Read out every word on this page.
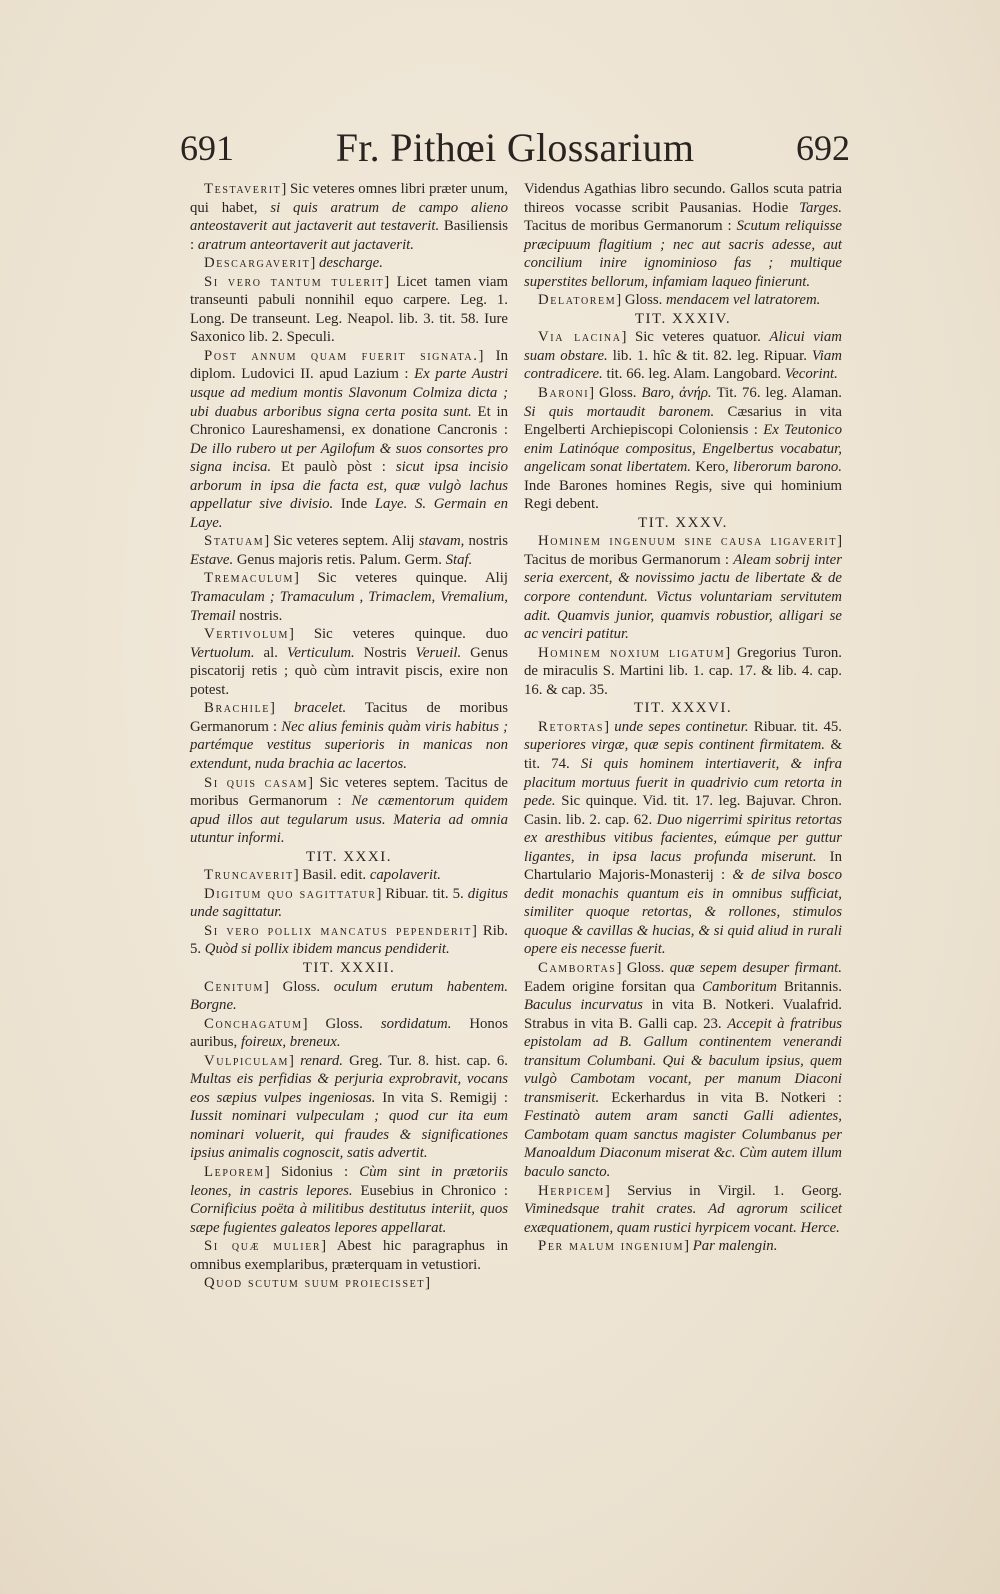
691	Fr. Pithœi Glossarium	692

Testaverit] Sic veteres omnes libri præter unum, qui habet, si quis aratrum de campo alieno anteostaverit aut jactaverit aut testaverit. Basiliensis : aratrum anteortaverit aut jactaverit.

Descargaverit] descharge.

Si vero tantum tulerit] Licet tamen viam transeunti pabuli nonnihil equo carpere. Leg. 1. Long. De transeunt. Leg. Neapol. lib. 3. tit. 58. Iure Saxonico lib. 2. Speculi.

Post annum quam fuerit signata.] In diplom. Ludovici II. apud Lazium : Ex parte Austri usque ad medium montis Slavonum Colmiza dicta ; ubi duabus arboribus signa certa posita sunt. Et in Chronico Laureshamensi, ex donatione Cancronis : De illo rubero ut per Agilofum & suos consortes pro signa incisa. Et paulò pòst : sicut ipsa incisio arborum in ipsa die facta est, quæ vulgò lachus appellatur sive divisio. Inde Laye. S. Germain en Laye.

Statuam] Sic veteres septem. Alij stavam, nostris Estave. Genus majoris retis. Palum. Germ. Staf.

Tremaculum] Sic veteres quinque. Alij Tramaculam ; Tramaculum , Trimaclem, Vremalium, Tremail nostris.

Vertivolum] Sic veteres quinque. duo Vertuolum. al. Verticulum. Nostris Verueil. Genus piscatorij retis ; quò cùm intravit piscis, exire non potest.

Brachile] bracelet. Tacitus de moribus Germanorum : Nec alius feminis quàm viris habitus ; partémque vestitus superioris in manicas non extendunt, nuda brachia ac lacertos.

Si quis casam] Sic veteres septem. Tacitus de moribus Germanorum : Ne cæmentorum quidem apud illos aut tegularum usus. Materia ad omnia utuntur informi.

TIT. XXXI.

Truncaverit] Basil. edit. capolaverit.

Digitum quo sagittatur] Ribuar. tit. 5. digitus unde sagittatur.

Si vero pollix mancatus pependerit] Rib. 5. Quòd si pollix ibidem mancus pendiderit.

TIT. XXXII.

Cenitum] Gloss. oculum erutum habentem. Borgne.

Conchagatum] Gloss. sordidatum. Honos auribus, foireux, breneux.

Vulpiculam] renard. Greg. Tur. 8. hist. cap. 6. Multas eis perfidias & perjuria exprobravit, vocans eos sæpius vulpes ingeniosas. In vita S. Remigij : Iussit nominari vulpeculam ; quod cur ita eum nominari voluerit, qui fraudes & significationes ipsius animalis cognoscit, satis advertit.

Leporem] Sidonius : Cùm sint in prætoriis leones, in castris lepores. Eusebius in Chronico : Cornificius poëta à militibus destitutus interiit, quos sæpe fugientes galeatos lepores appellarat.

Si quæ mulier] Abest hic paragraphus in omnibus exemplaribus, præterquam in vetustiori.

Quod scutum suum proiecisset]

Videndus Agathias libro secundo. Gallos scuta patria thireos vocasse scribit Pausanias. Hodie Targes. Tacitus de moribus Germanorum : Scutum reliquisse præcipuum flagitium ; nec aut sacris adesse, aut concilium inire ignominioso fas ; multique superstites bellorum, infamiam laqueo finierunt.

Delatorem] Gloss. mendacem vel latratorem.

TIT. XXXIV.

Via lacina] Sic veteres quatuor. Alicui viam suam obstare. lib. 1. hîc & tit. 82. leg. Ripuar. Viam contradicere. tit. 66. leg. Alam. Langobard. Vecorint.

Baroni] Gloss. Baro, ἀνήρ. Tit. 76. leg. Alaman. Si quis mortaudit baronem. Cæsarius in vita Engelberti Archiepiscopi Coloniensis : Ex Teutonico enim Latinóque compositus, Engelbertus vocabatur, angelicam sonat libertatem. Kero, liberorum barono. Inde Barones homines Regis, sive qui hominium Regi debent.

TIT. XXXV.

Hominem ingenuum sine causa ligaverit] Tacitus de moribus Germanorum : Aleam sobrij inter seria exercent, & novissimo jactu de libertate & de corpore contendunt. Victus voluntariam servitutem adit. Quamvis junior, quamvis robustior, alligari se ac venciri patitur.

Hominem noxium ligatum] Gregorius Turon. de miraculis S. Martini lib. 1. cap. 17. & lib. 4. cap. 16. & cap. 35.

TIT. XXXVI.

Retortas] unde sepes continetur. Ribuar. tit. 45. superiores virgæ, quæ sepis continent firmitatem. & tit. 74. Si quis hominem intertiaverit, & infra placitum mortuus fuerit in quadrivio cum retorta in pede. Sic quinque. Vid. tit. 17. leg. Bajuvar. Chron. Casin. lib. 2. cap. 62. Duo nigerrimi spiritus retortas ex aresthibus vitibus facientes, eúmque per guttur ligantes, in ipsa lacus profunda miserunt. In Chartulario Majoris-Monasterij : & de silva bosco dedit monachis quantum eis in omnibus sufficiat, similiter quoque retortas, & rollones, stimulos quoque & cavillas & hucias, & si quid aliud in rurali opere eis necesse fuerit.

Cambortas] Gloss. quæ sepem desuper firmant. Eadem origine forsitan qua Camboritum Britannis. Baculus incurvatus in vita B. Notkeri. Vualafrid. Strabus in vita B. Galli cap. 23. Accepit à fratribus epistolam ad B. Gallum continentem venerandi transitum Columbani. Qui & baculum ipsius, quem vulgò Cambotam vocant, per manum Diaconi transmiserit. Eckerhardus in vita B. Notkeri : Festinatò autem aram sancti Galli adientes, Cambotam quam sanctus magister Columbanus per Manoaldum Diaconum miserat &c. Cùm autem illum baculo sancto.

Herpicem] Servius in Virgil. 1. Georg. Viminedsque trahit crates. Ad agrorum scilicet exæquationem, quam rustici hyrpicem vocant. Herce.

Per malum ingenium] Par malengin.
